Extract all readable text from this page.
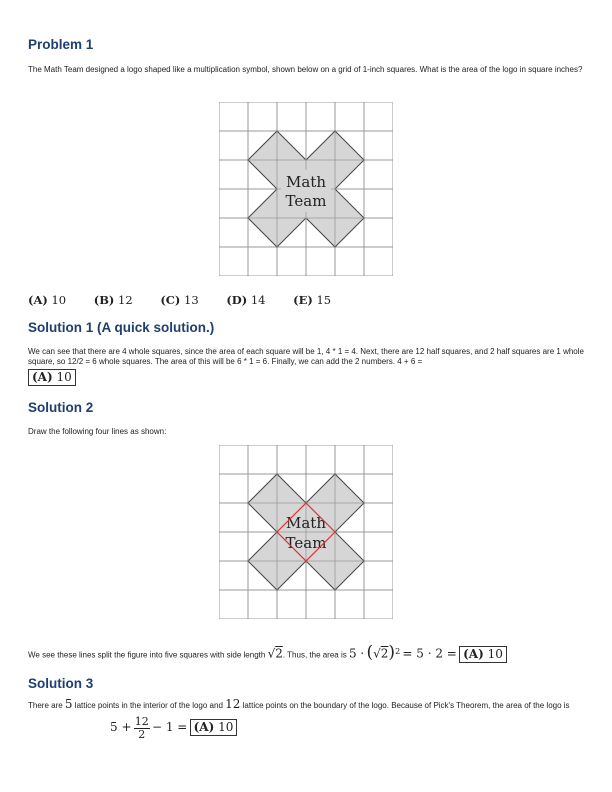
Problem 1

The Math Team designed a logo shaped like a multiplication symbol, shown below on a grid of 1-inch squares. What is the area of the logo in square inches?

Math
Team
(A) 10 (B) 12 (C) 13 (D) 14 (E) 15
Solution 1 (A quick solution.)

We can see that there are 4 whole squares, since the area of each square will be 1, 4 * 1 = 4. Next, there are 12 half squares, and 2 half squares are 1 whole square, so 12/2 = 6 whole squares. The area of this will be 6 * 1 = 6. Finally, we can add the 2 numbers. 4 + 6 =

(A) 10
Solution 2

Draw the following four lines as shown:

Math
Team
We see these lines split the figure into five squares with side length √2. Thus, the area is $5 \cdot (√2)^2 = 5 \cdot 2 = (A)$ 10
Solution 3
There are 5 lattice points in the interior of the logo and 12 lattice points on the boundary of the logo. Because of Pick's Theorem, the area of the logo is
$5 + \frac{12}{2} - 1 = (A)$ 10
